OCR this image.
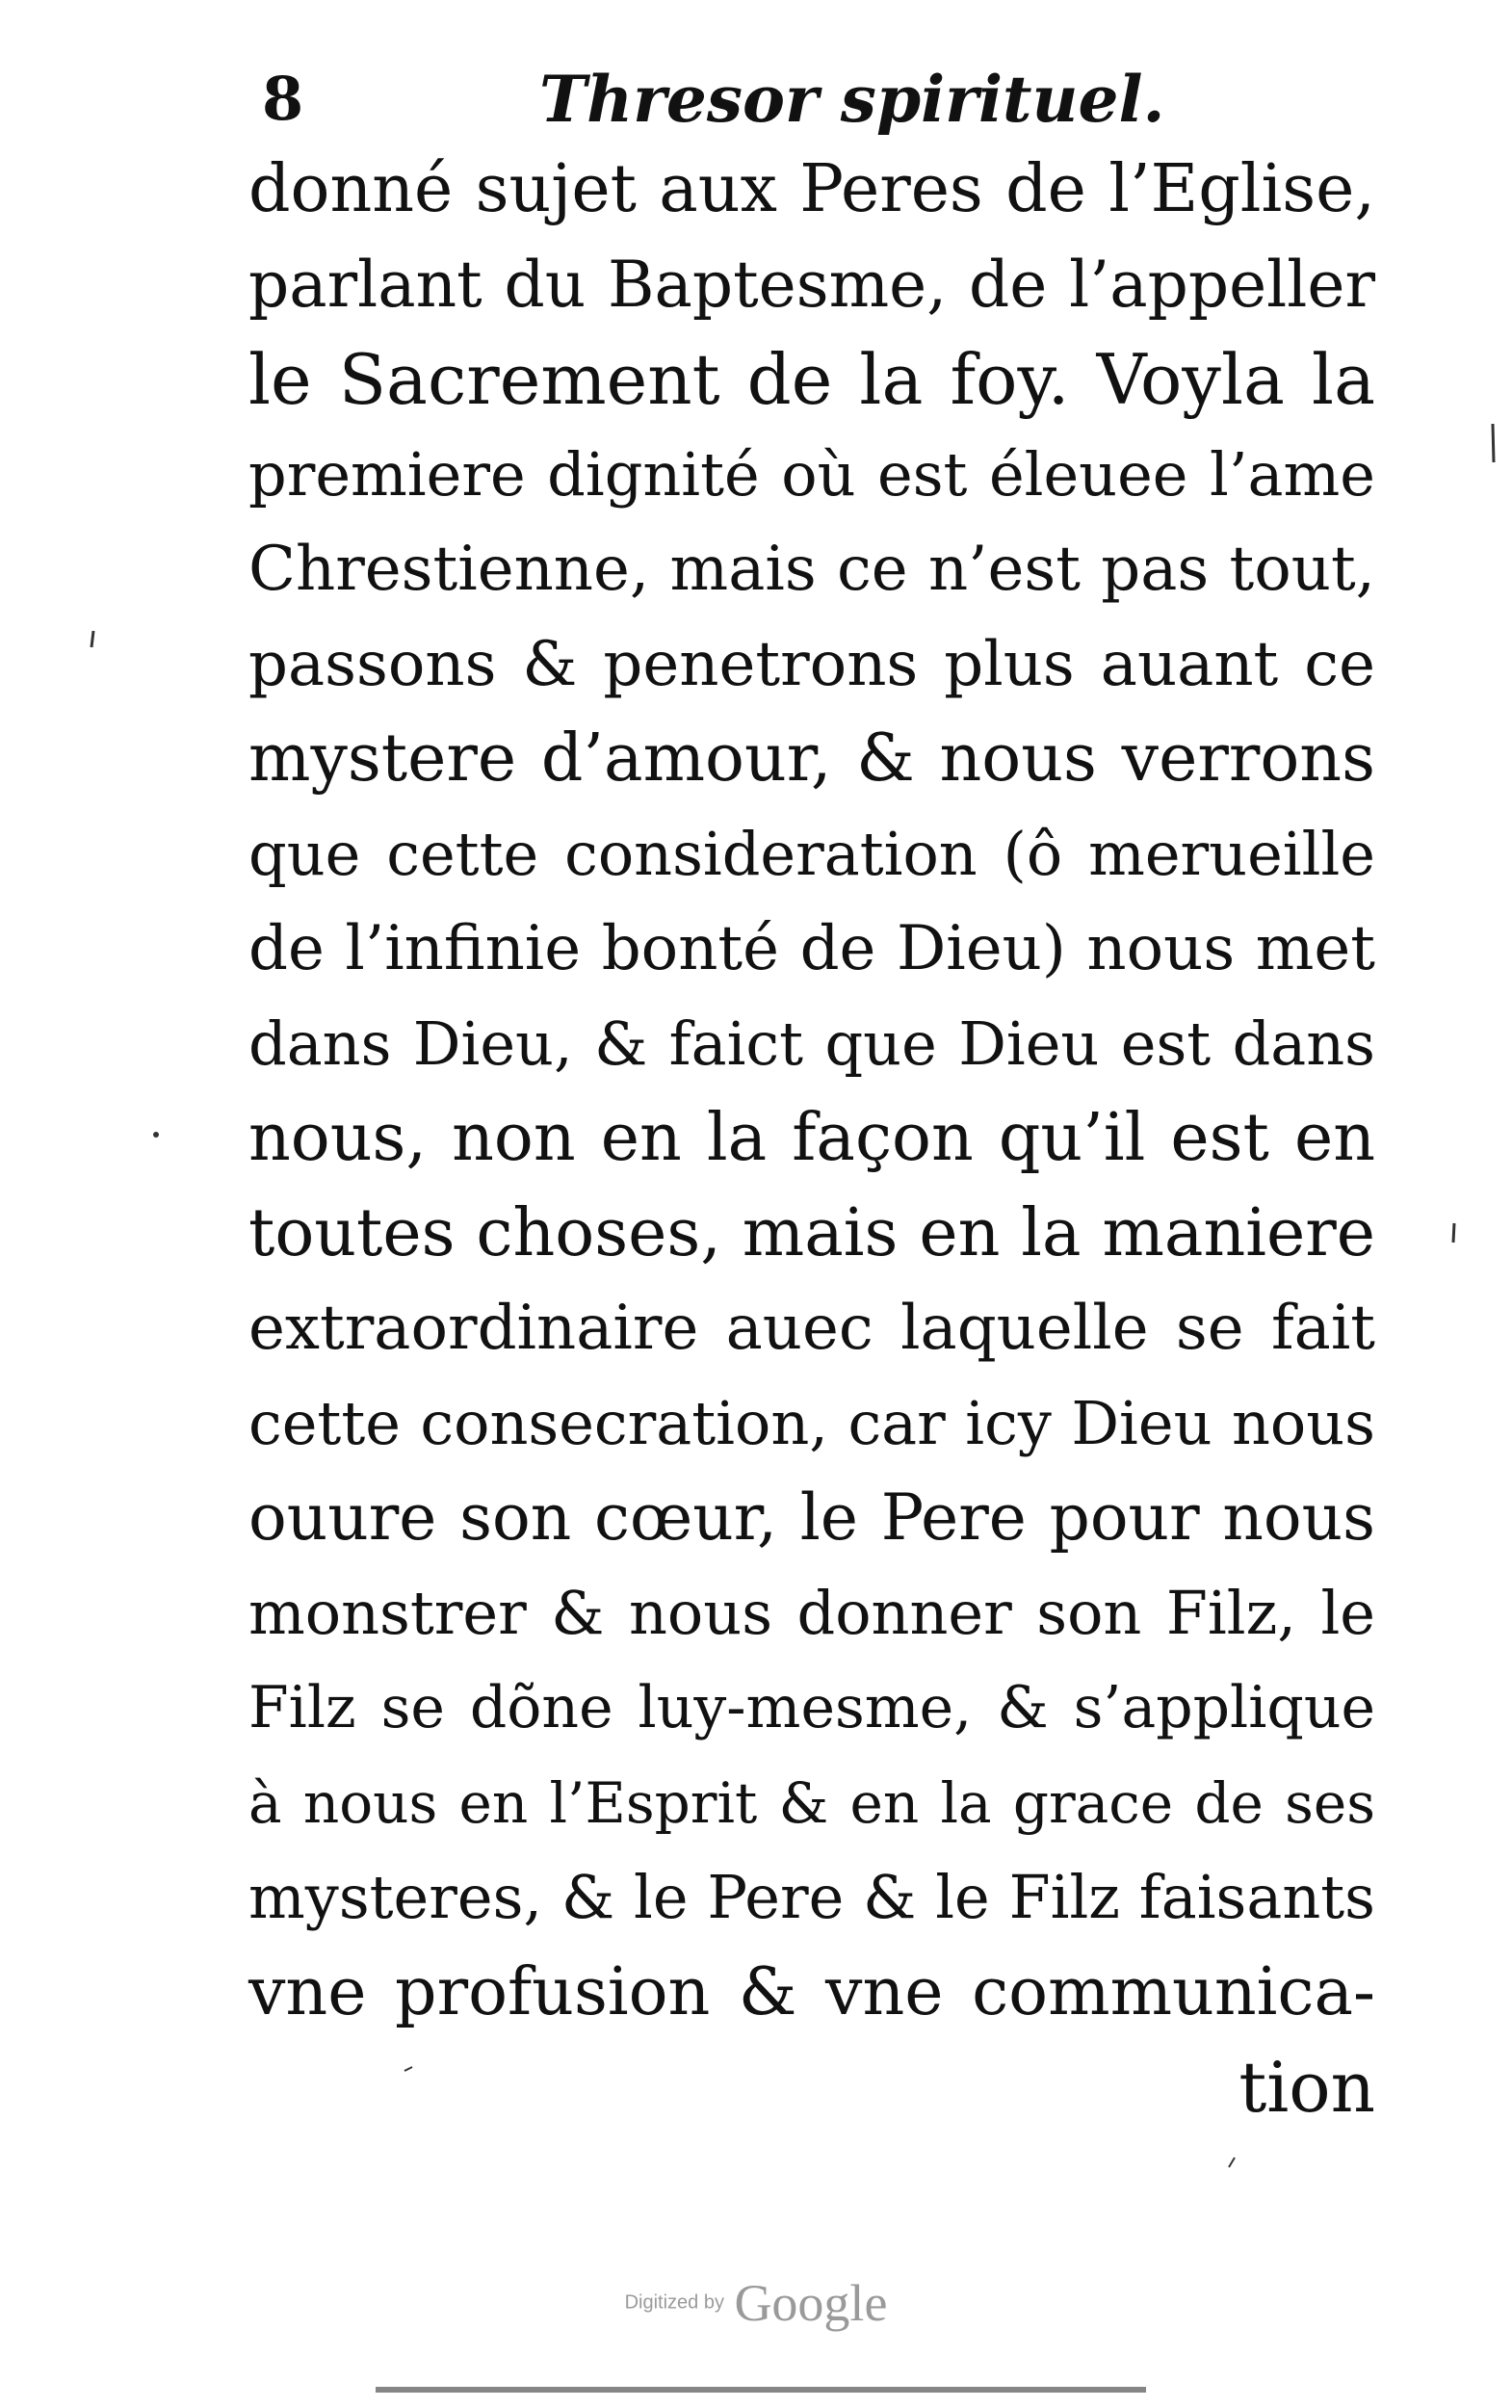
8	Thresor spirituel.
donné sujet aux Peres de l’Eglise,
parlant du Baptesme, de l’appeller
le Sacrement de la foy. Voyla la
premiere dignité où est éleuee l’ame
Chrestienne, mais ce n’est pas tout,
passons & penetrons plus auant ce
mystere d’amour, & nous verrons
que cette consideration (ô merueille
de l’infinie bonté de Dieu) nous met
dans Dieu, & faict que Dieu est dans
nous, non en la façon qu’il est en
toutes choses, mais en la maniere
extraordinaire auec laquelle se fait
cette consecration, car icy Dieu nous
ouure son cœur, le Pere pour nous
monstrer & nous donner son Filz, le
Filz se dõne luy-mesme, & s’applique
à nous en l’Esprit & en la grace de ses
mysteres, & le Pere & le Filz faisants
vne profusion & vne communica-
tion
Digitized by Google
